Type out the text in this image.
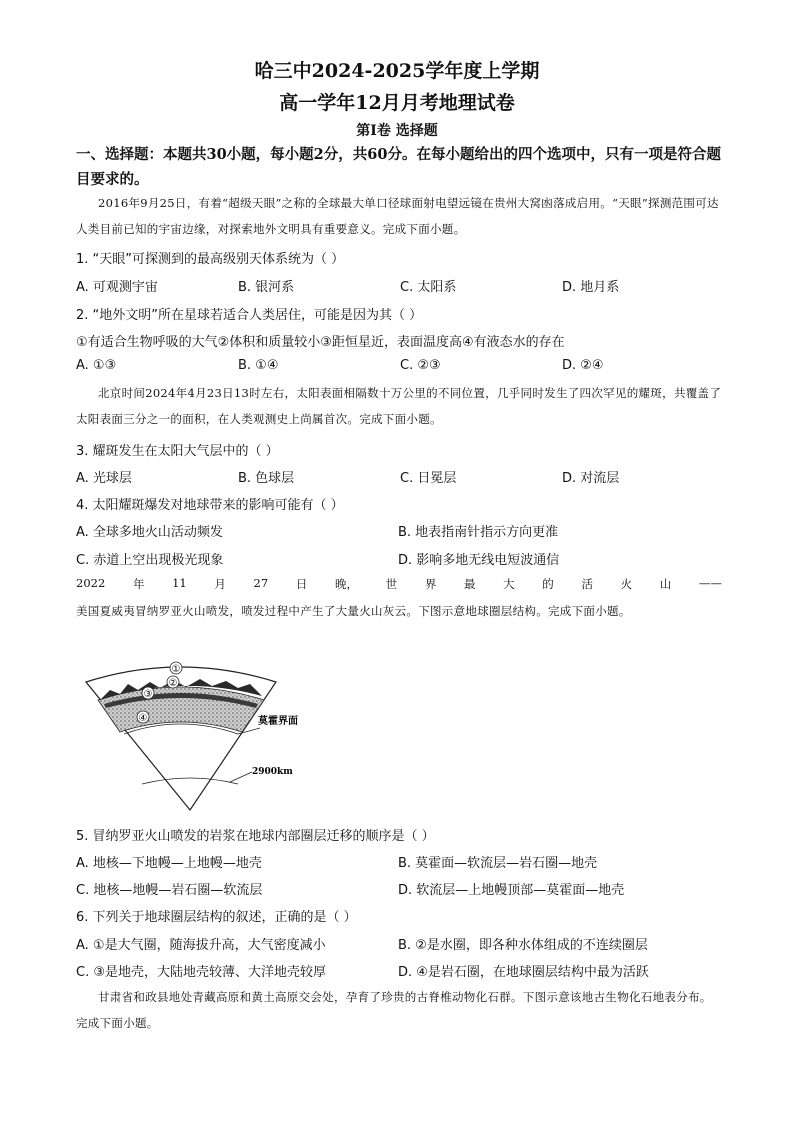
哈三中2024-2025学年度上学期
高一学年12月月考地理试卷
第Ⅰ卷 选择题
一、选择题：本题共30小题，每小题2分，共60分。在每小题给出的四个选项中，只有一项是符合题目要求的。
2016年9月25日，有着“超级天眼”之称的全球最大单口径球面射电望远镜在贵州大窝凼落成启用。“天眼”探测范围可达人类目前已知的宇宙边缘，对探索地外文明具有重要意义。完成下面小题。
1. “天眼”可探测到的最高级别天体系统为（ ）
A. 可观测宇宙	B. 银河系	C. 太阳系	D. 地月系
2. “地外文明”所在星球若适合人类居住，可能是因为其（ ）
①有适合生物呼吸的大气②体积和质量较小③距恒星近，表面温度高④有液态水的存在
A. ①③	B. ①④	C. ②③	D. ②④
北京时间2024年4月23日13时左右，太阳表面相隔数十万公里的不同位置，几乎同时发生了四次罕见的耀斑，共覆盖了太阳表面三分之一的面积，在人类观测史上尚属首次。完成下面小题。
3. 耀斑发生在太阳大气层中的（ ）
A. 光球层	B. 色球层	C. 日冕层	D. 对流层
4. 太阳耀斑爆发对地球带来的影响可能有（ ）
A. 全球多地火山活动频发	B. 地表指南针指示方向更准
C. 赤道上空出现极光现象	D. 影响多地无线电短波通信
2022 年 11 月 27 日 晚， 世 界 最 大 的 活 火 山 ——
美国夏威夷冒纳罗亚火山喷发，喷发过程中产生了大量火山灰云。下图示意地球圈层结构。完成下面小题。
①
②
③
④	莫霍界面
2900km
5. 冒纳罗亚火山喷发的岩浆在地球内部圈层迁移的顺序是（ ）
A. 地核—下地幔—上地幔—地壳	B. 莫霍面—软流层—岩石圈—地壳
C. 地核—地幔—岩石圈—软流层	D. 软流层—上地幔顶部—莫霍面—地壳
6. 下列关于地球圈层结构的叙述，正确的是（ ）
A. ①是大气圈，随海拔升高，大气密度减小	B. ②是水圈，即各种水体组成的不连续圈层
C. ③是地壳，大陆地壳较薄、大洋地壳较厚	D. ④是岩石圈，在地球圈层结构中最为活跃
甘肃省和政县地处青藏高原和黄土高原交会处，孕育了珍贵的古脊椎动物化石群。下图示意该地古生物化石地表分布。完成下面小题。
